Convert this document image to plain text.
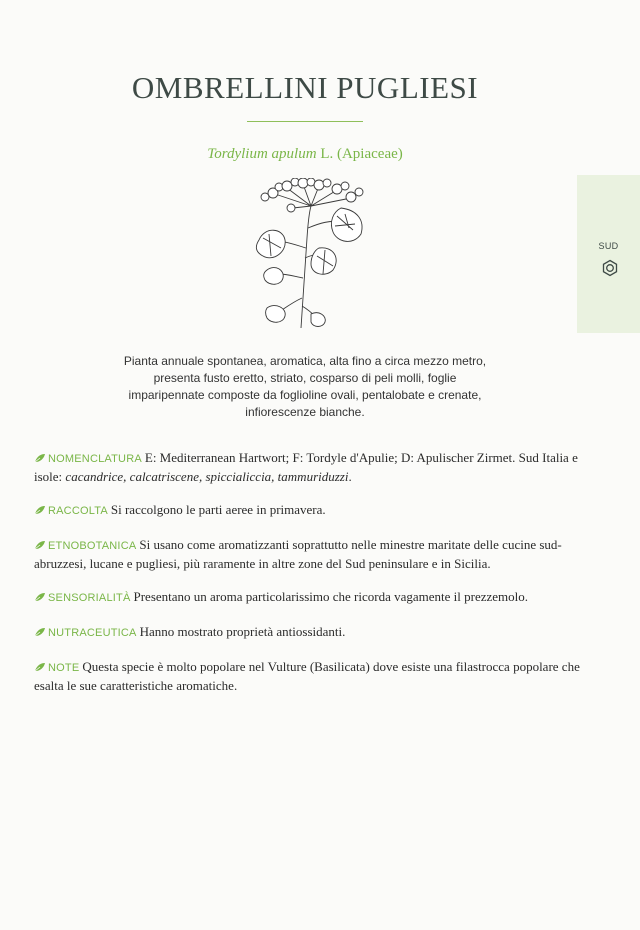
OMBRELLINI PUGLIESI
Tordylium apulum L. (Apiaceae)
SUD
Pianta annuale spontanea, aromatica, alta fino a circa mezzo metro, presenta fusto eretto, striato, cosparso di peli molli, foglie imparipennate composte da foglioline ovali, pentalobate e crenate, infiorescenze bianche.
NOMENCLATURA E: Mediterranean Hartwort; F: Tordyle d'Apulie; D: Apulischer Zirmet. Sud Italia e isole: cacandrice, calcatriscene, spiccialiccia, tammuriduzzi.
RACCOLTA Si raccolgono le parti aeree in primavera.
ETNOBOTANICA Si usano come aromatizzanti soprattutto nelle minestre maritate delle cucine sud-abruzzesi, lucane e pugliesi, più raramente in altre zone del Sud peninsulare e in Sicilia.
SENSORIALITÀ Presentano un aroma particolarissimo che ricorda vagamente il prezzemolo.
NUTRACEUTICA Hanno mostrato proprietà antiossidanti.
NOTE Questa specie è molto popolare nel Vulture (Basilicata) dove esiste una filastrocca popolare che esalta le sue caratteristiche aromatiche.
